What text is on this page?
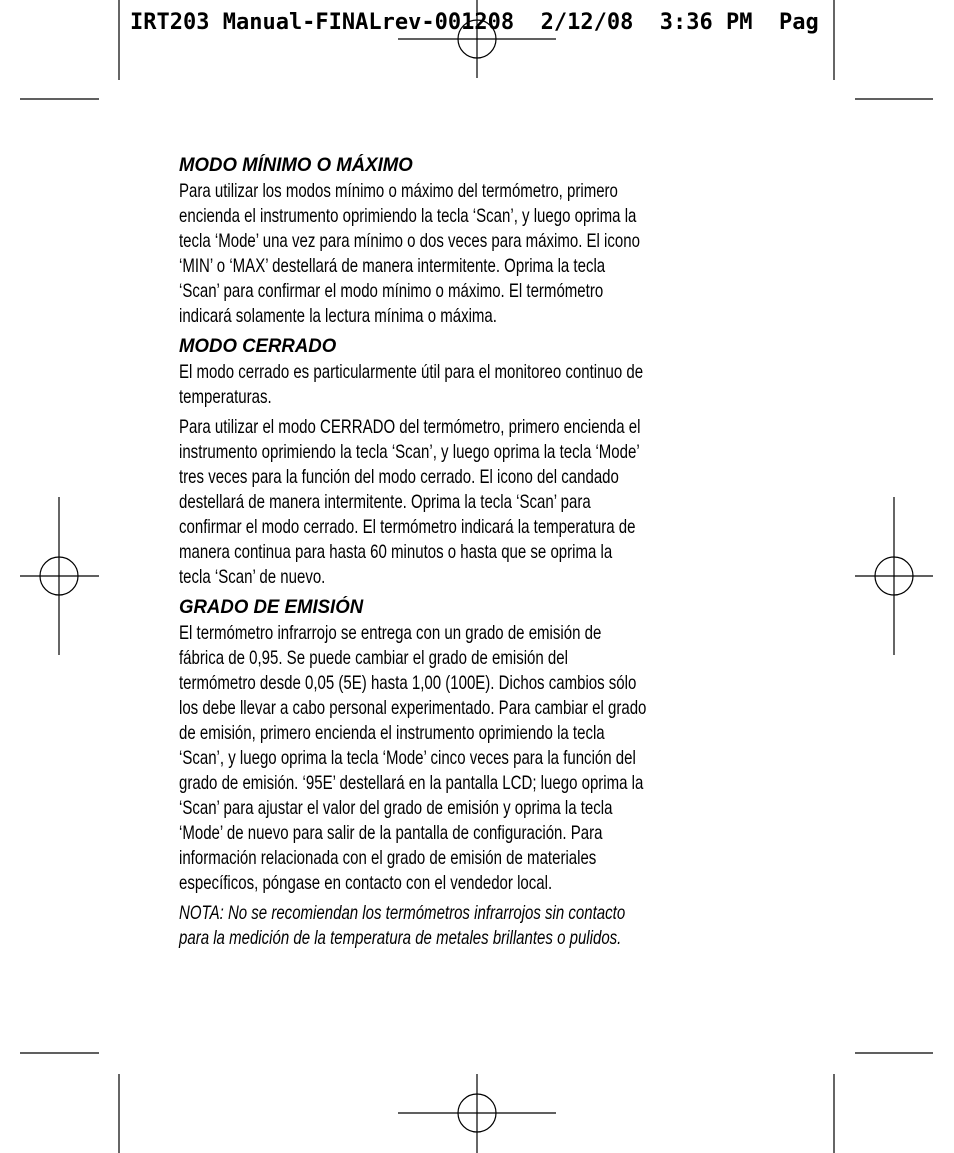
IRT203 Manual-FINALrev-001208  2/12/08  3:36 PM  Pag
MODO MÍNIMO O MÁXIMO

Para utilizar los modos mínimo o máximo del termómetro, primero
encienda el instrumento oprimiendo la tecla ‘Scan’, y luego oprima la
tecla ‘Mode’ una vez para mínimo o dos veces para máximo. El icono
‘MIN’ o ‘MAX’ destellará de manera intermitente. Oprima la tecla
‘Scan’ para confirmar el modo mínimo o máximo. El termómetro
indicará solamente la lectura mínima o máxima.

MODO CERRADO

El modo cerrado es particularmente útil para el monitoreo continuo de
temperaturas.

Para utilizar el modo CERRADO del termómetro, primero encienda el
instrumento oprimiendo la tecla ‘Scan’, y luego oprima la tecla ‘Mode’
tres veces para la función del modo cerrado. El icono del candado
destellará de manera intermitente. Oprima la tecla ‘Scan’ para
confirmar el modo cerrado. El termómetro indicará la temperatura de
manera continua para hasta 60 minutos o hasta que se oprima la
tecla ‘Scan’ de nuevo.

GRADO DE EMISIÓN

El termómetro infrarrojo se entrega con un grado de emisión de
fábrica de 0,95. Se puede cambiar el grado de emisión del
termómetro desde 0,05 (5E) hasta 1,00 (100E). Dichos cambios sólo
los debe llevar a cabo personal experimentado. Para cambiar el grado
de emisión, primero encienda el instrumento oprimiendo la tecla
‘Scan’, y luego oprima la tecla ‘Mode’ cinco veces para la función del
grado de emisión. ‘95E’ destellará en la pantalla LCD; luego oprima la
‘Scan’ para ajustar el valor del grado de emisión y oprima la tecla
‘Mode’ de nuevo para salir de la pantalla de configuración. Para
información relacionada con el grado de emisión de materiales
específicos, póngase en contacto con el vendedor local.

NOTA: No se recomiendan los termómetros infrarrojos sin contacto
para la medición de la temperatura de metales brillantes o pulidos.
